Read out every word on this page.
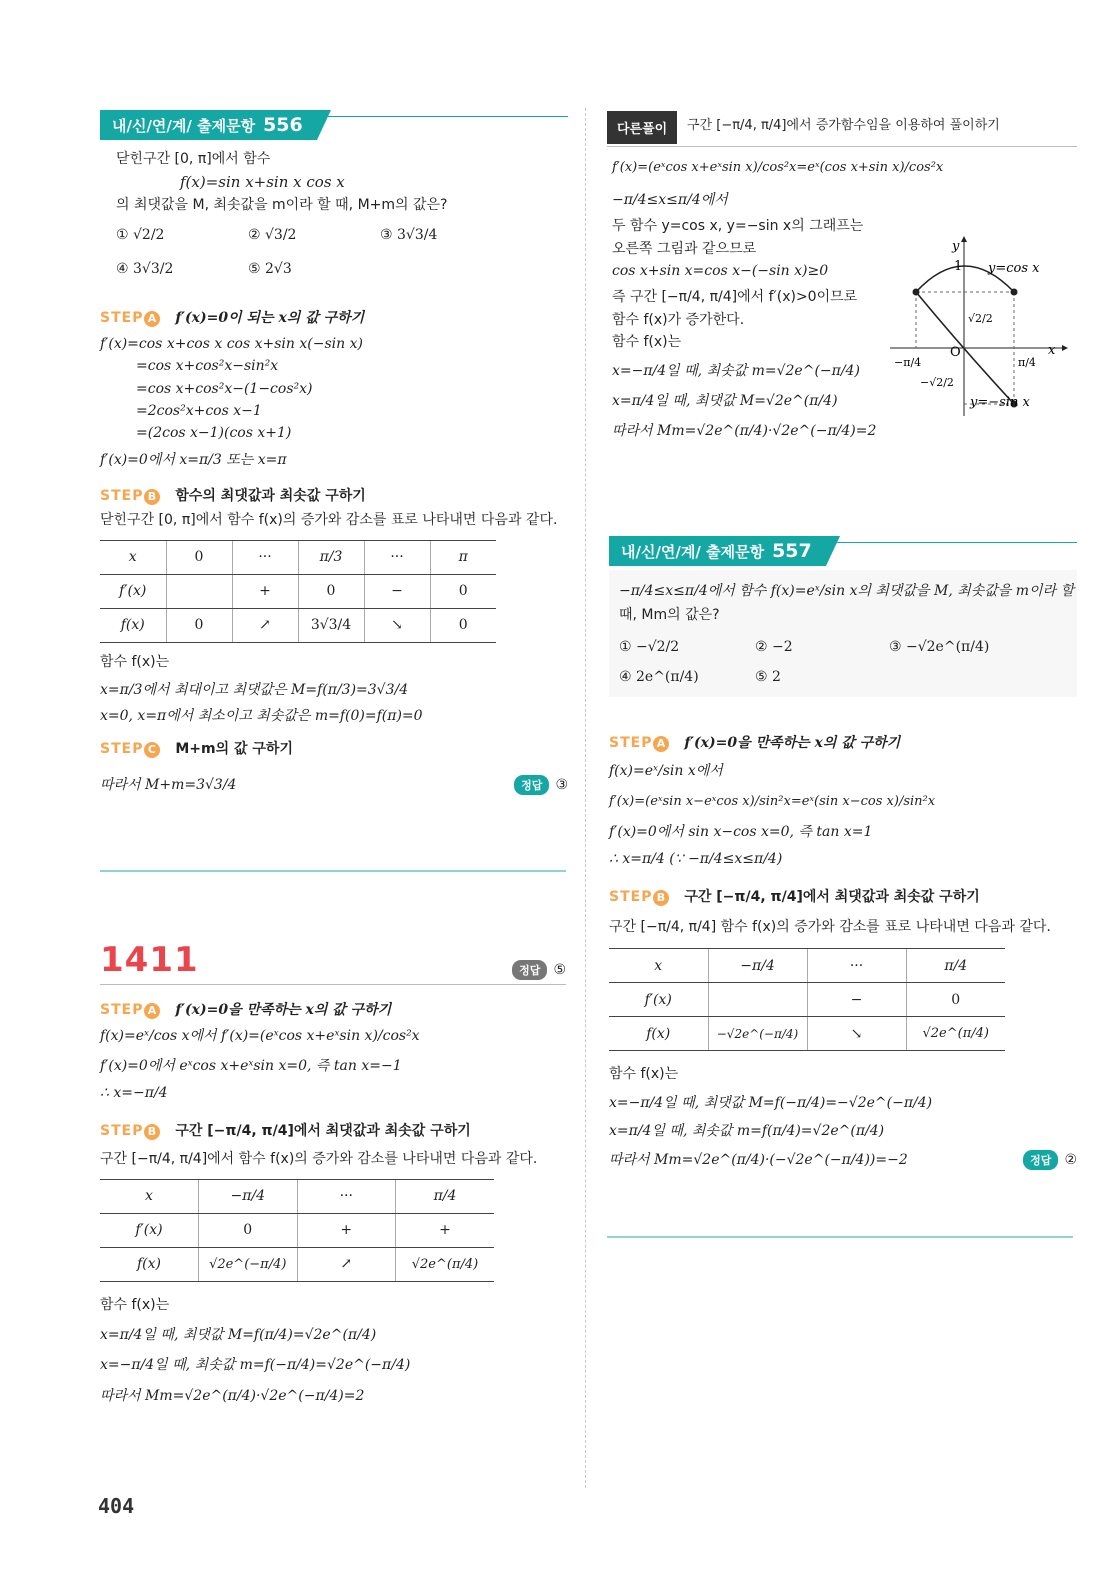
내/신/연/계/ 출제문항 556
닫힌구간 [0, π]에서 함수
f(x)=sin x+sin x cos x
의 최댓값을 M, 최솟값을 m이라 할 때, M+m의 값은?
① √2/2	② √3/2	③ 3√3/4
④ 3√3/2	⑤ 2√3
STEP A f′(x)=0이 되는 x의 값 구하기
f′(x)=cos x+cos x cos x+sin x(−sin x)
=cos x+cos²x−sin²x
=cos x+cos²x−(1−cos²x)
=2cos²x+cos x−1
=(2cos x−1)(cos x+1)
f′(x)=0에서 x=π/3 또는 x=π
STEP B 함수의 최댓값과 최솟값 구하기
닫힌구간 [0, π]에서 함수 f(x)의 증가와 감소를 표로 나타내면 다음과 같다.
x	0	···	π/3	···	π
f′(x)		+	0	−	0
f(x)	0	↗	3√3/4	↘	0
함수 f(x)는
x=π/3에서 최대이고 최댓값은 M=f(π/3)=3√3/4
x=0, x=π에서 최소이고 최솟값은 m=f(0)=f(π)=0
STEP C M+m의 값 구하기
따라서 M+m=3√3/4	정답 ③
1411	정답 ⑤
STEP A f′(x)=0을 만족하는 x의 값 구하기
f(x)=eˣ/cos x에서 f′(x)=(eˣcos x+eˣsin x)/cos²x
f′(x)=0에서 eˣcos x+eˣsin x=0, 즉 tan x=−1
∴ x=−π/4
STEP B 구간 [−π/4, π/4]에서 최댓값과 최솟값 구하기
구간 [−π/4, π/4]에서 함수 f(x)의 증가와 감소를 나타내면 다음과 같다.
x	−π/4	···	π/4
f′(x)	0	+	+
f(x)	√2e^(−π/4)	↗	√2e^(π/4)
함수 f(x)는
x=π/4일 때, 최댓값 M=f(π/4)=√2e^(π/4)
x=−π/4일 때, 최솟값 m=f(−π/4)=√2e^(−π/4)
따라서 Mm=√2e^(π/4)·√2e^(−π/4)=2
404
다른풀이	구간 [−π/4, π/4]에서 증가함수임을 이용하여 풀이하기
f′(x)=(eˣcos x+eˣsin x)/cos²x=eˣ(cos x+sin x)/cos²x
−π/4≤x≤π/4에서
두 함수 y=cos x, y=−sin x의 그래프는
오른쪽 그림과 같으므로
cos x+sin x=cos x−(−sin x)≥0
즉 구간 [−π/4, π/4]에서 f′(x)>0이므로
함수 f(x)가 증가한다.
함수 f(x)는
x=−π/4일 때, 최솟값 m=√2e^(−π/4)
x=π/4일 때, 최댓값 M=√2e^(π/4)
따라서 Mm=√2e^(π/4)·√2e^(−π/4)=2
y
x
O
1 y=cos x
y=−sin x
√2/2
−√2/2
−π/4	π/4
내/신/연/계/ 출제문항 557
−π/4≤x≤π/4에서 함수 f(x)=eˣ/sin x의 최댓값을 M, 최솟값을 m이라 할
때, Mm의 값은?
① −√2/2	② −2	③ −√2e^(π/4)
④ 2e^(π/4)	⑤ 2
STEP A f′(x)=0을 만족하는 x의 값 구하기
f(x)=eˣ/sin x에서
f′(x)=(eˣsin x−eˣcos x)/sin²x=eˣ(sin x−cos x)/sin²x
f′(x)=0에서 sin x−cos x=0, 즉 tan x=1
∴ x=π/4 (∵ −π/4≤x≤π/4)
STEP B 구간 [−π/4, π/4]에서 최댓값과 최솟값 구하기
구간 [−π/4, π/4] 함수 f(x)의 증가와 감소를 표로 나타내면 다음과 같다.
x	−π/4	···	π/4
f′(x)		−	0
f(x)	−√2e^(−π/4)	↘	√2e^(π/4)
함수 f(x)는
x=−π/4일 때, 최댓값 M=f(−π/4)=−√2e^(−π/4)
x=π/4일 때, 최솟값 m=f(π/4)=√2e^(π/4)
따라서 Mm=√2e^(π/4)·(−√2e^(−π/4))=−2	정답 ②
